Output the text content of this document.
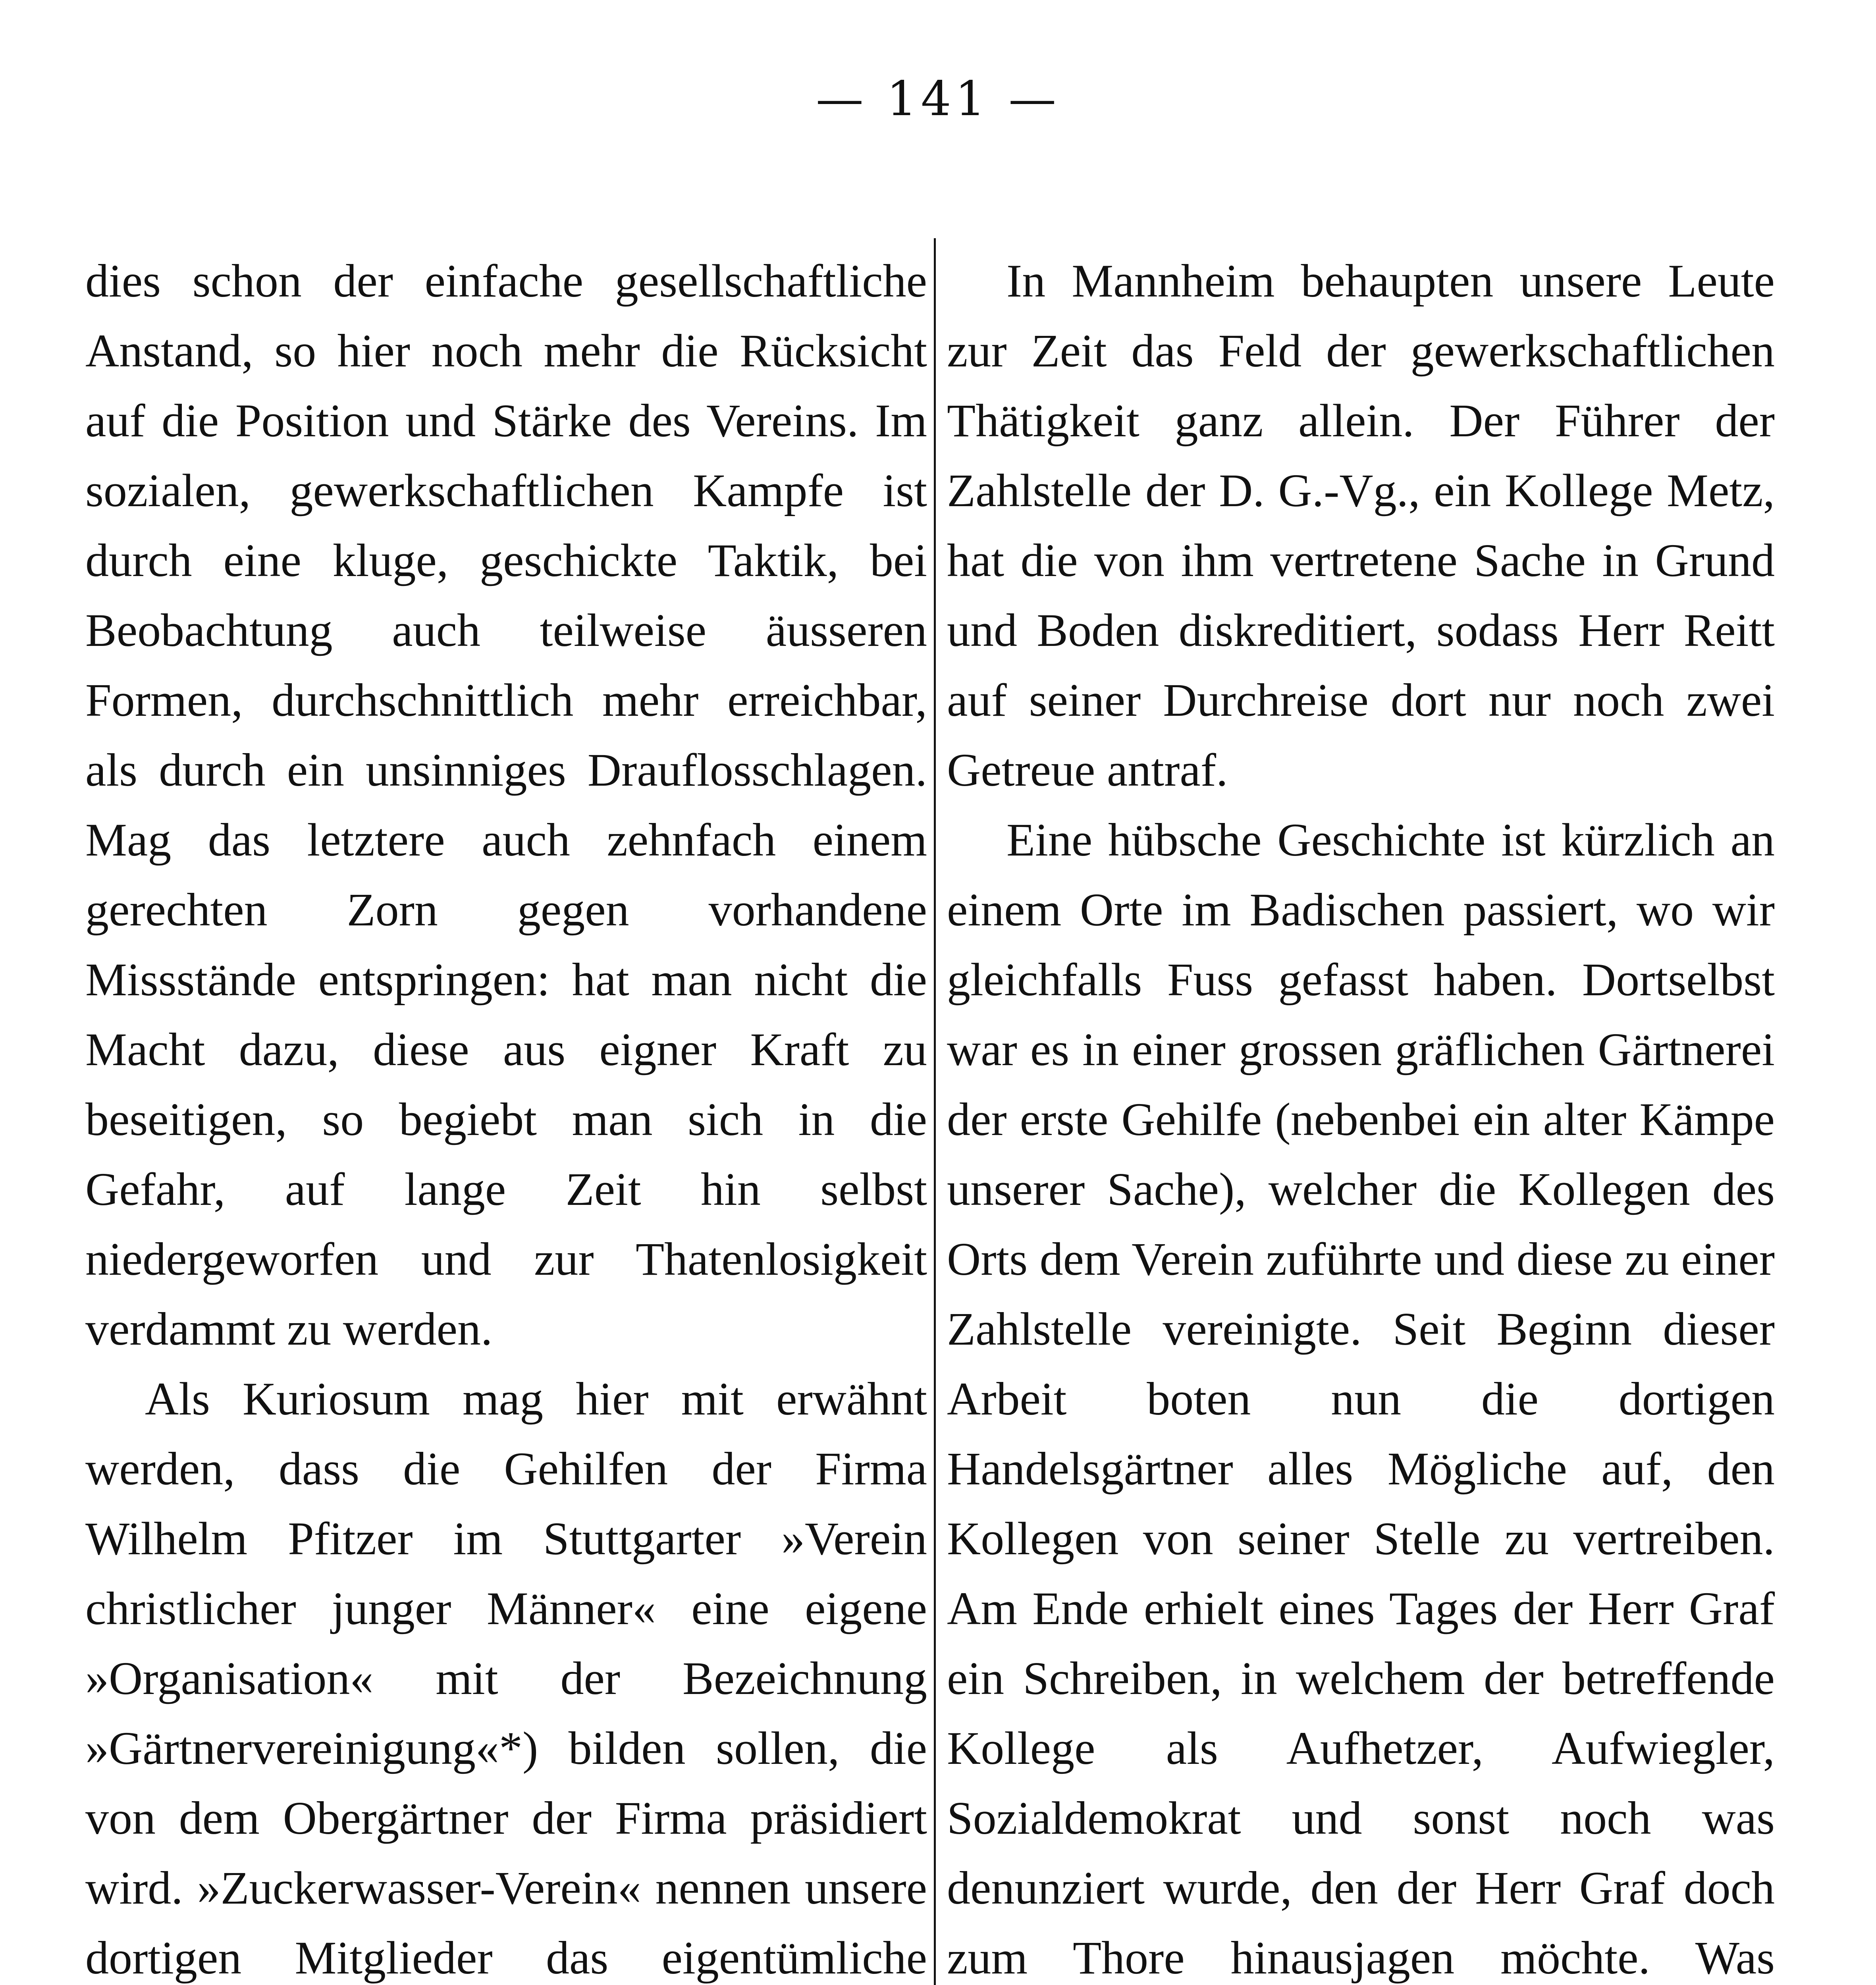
— 141 —

dies schon der einfache gesellschaftliche Anstand, so hier noch mehr die Rücksicht auf die Position und Stärke des Vereins. Im sozialen, gewerkschaftlichen Kampfe ist durch eine kluge, geschickte Taktik, bei Beobachtung auch teilweise äusseren Formen, durchschnittlich mehr erreichbar, als durch ein unsinniges Drauflosschlagen. Mag das letztere auch zehnfach einem gerechten Zorn gegen vorhandene Missstände entspringen: hat man nicht die Macht dazu, diese aus eigner Kraft zu beseitigen, so begiebt man sich in die Gefahr, auf lange Zeit hin selbst niedergeworfen und zur Thatenlosigkeit verdammt zu werden.

Als Kuriosum mag hier mit erwähnt werden, dass die Gehilfen der Firma Wilhelm Pfitzer im Stuttgarter »Verein christlicher junger Männer« eine eigene »Organisation« mit der Bezeichnung »Gärtnervereinigung«*) bilden sollen, die von dem Obergärtner der Firma präsidiert wird. »Zuckerwasser-Verein« nennen unsere dortigen Mitglieder das eigentümliche

In Mannheim behaupten unsere Leute zur Zeit das Feld der gewerkschaftlichen Thätigkeit ganz allein. Der Führer der Zahlstelle der D. G.-Vg., ein Kollege Metz, hat die von ihm vertretene Sache in Grund und Boden diskreditiert, sodass Herr Reitt auf seiner Durchreise dort nur noch zwei Getreue antraf.

Eine hübsche Geschichte ist kürzlich an einem Orte im Badischen passiert, wo wir gleichfalls Fuss gefasst haben. Dortselbst war es in einer grossen gräflichen Gärtnerei der erste Gehilfe (nebenbei ein alter Kämpe unserer Sache), welcher die Kollegen des Orts dem Verein zuführte und diese zu einer Zahlstelle vereinigte. Seit Beginn dieser Arbeit boten nun die dortigen Handelsgärtner alles Mögliche auf, den Kollegen von seiner Stelle zu vertreiben. Am Ende erhielt eines Tages der Herr Graf ein Schreiben, in welchem der betreffende Kollege als Aufhetzer, Aufwiegler, Sozialdemokrat und sonst noch was denunziert wurde, den der Herr Graf doch zum Thore hinausjagen möchte. Was
